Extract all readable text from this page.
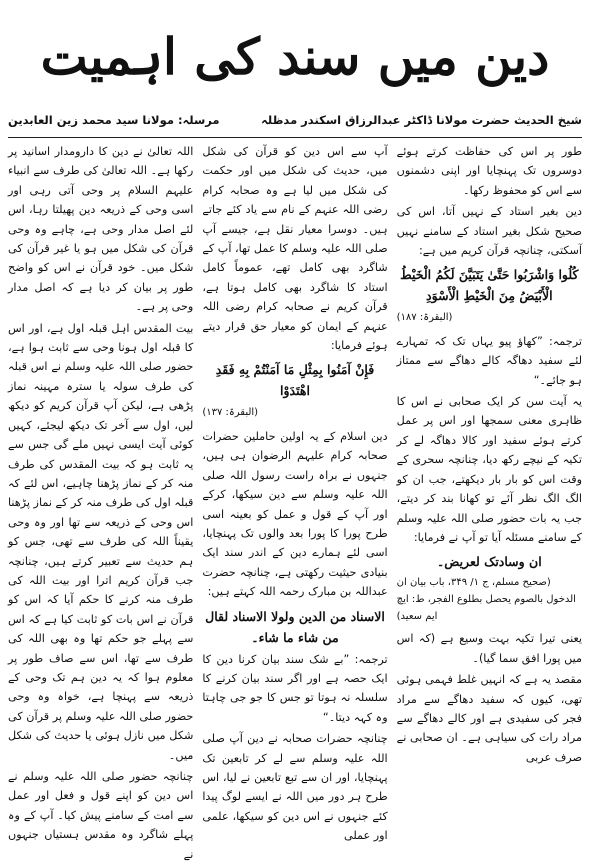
دین میں سند کی اہمیت
شیخ الحدیث حضرت مولانا ڈاکٹر عبدالرزاق اسکندر مدظلہ
مرسلہ: مولانا سید محمد زین العابدین

اللہ تعالیٰ نے دین کا دارومدار اسانید پر رکھا ہے۔ اللہ تعالیٰ کی طرف سے انبیاء علیہم السلام پر وحی آتی رہی اور اسی وحی کے ذریعہ دین پھیلتا رہا، اس لئے اصل مدار وحی ہے، چاہے وہ وحی قرآن کی شکل میں ہو یا غیر قرآن کی شکل میں۔ خود قرآن نے اس کو واضح طور پر بیان کر دیا ہے کہ اصل مدار وحی پر ہے۔

بیت المقدس اہل قبلہ اول ہے، اور اس کا قبلہ اول ہونا وحی سے ثابت ہوا ہے، حضور صلی اللہ علیہ وسلم نے اس قبلہ کی طرف سولہ یا سترہ مہینہ نماز پڑھی ہے، لیکن آپ قرآن کریم کو دیکھ لیں، اول سے آخر تک دیکھ لیجئے، کہیں کوئی آیت ایسی نہیں ملے گی جس سے یہ ثابت ہو کہ بیت المقدس کی طرف منہ کر کے نماز پڑھنا چاہیے، اس لئے کہ قبلہ اول کی طرف منہ کر کے نماز پڑھنا اس وحی کے ذریعہ سے تھا اور وہ وحی یقیناً اللہ کی طرف سے تھی، جس کو ہم حدیث سے تعبیر کرتے ہیں، چنانچہ جب قرآن کریم اترا اور بیت اللہ کی طرف منہ کرنے کا حکم آیا کہ اس کو قرآن نے اس بات کو ثابت کیا ہے کہ اس سے پہلے جو حکم تھا وہ بھی اللہ کی طرف سے تھا، اس سے صاف طور پر معلوم ہوا کہ یہ دین ہم تک وحی کے ذریعہ سے پہنچا ہے، خواہ وہ وحی حضور صلی اللہ علیہ وسلم پر قرآن کی شکل میں نازل ہوئی یا حدیث کی شکل میں۔

چنانچہ حضور صلی اللہ علیہ وسلم نے اس دین کو اپنے قول و فعل اور عمل سے امت کے سامنے پیش کیا۔ آپ کے وہ پہلے شاگرد وہ مقدس ہستیاں جنہوں نے

آپ سے اس دین کو قرآن کی شکل میں، حدیث کی شکل میں اور حکمت کی شکل میں لیا ہے وہ صحابہ کرام رضی اللہ عنہم کے نام سے یاد کئے جاتے ہیں۔ دوسرا معیار نقل ہے، جیسے آپ صلی اللہ علیہ وسلم کا عمل تھا، آپ کے شاگرد بھی کامل تھے، عموماً کامل استاد کا شاگرد بھی کامل ہوتا ہے، قرآن کریم نے صحابہ کرام رضی اللہ عنہم کے ایمان کو معیار حق قرار دیتے ہوئے فرمایا:

فَإِنْ آمَنُوا بِمِثْلِ مَا آمَنْتُمْ بِهِ فَقَدِ اهْتَدَوْا

(البقرۃ: ۱۳۷)

دین اسلام کے یہ اولین حاملین حضرات صحابہ کرام علیہم الرضوان ہی ہیں، جنہوں نے براہ راست رسول اللہ صلی اللہ علیہ وسلم سے دین سیکھا، کرکے اور آپ کے قول و عمل کو بعینہ اسی طرح پورا کا پورا بعد والوں تک پہنچایا، اسی لئے ہمارے دین کے اندر سند ایک بنیادی حیثیت رکھتی ہے، چنانچہ حضرت عبداللہ بن مبارک رحمہ اللہ کہتے ہیں:

الاسناد من الدین ولولا الاسناد لقال من شاء ما شاء۔

ترجمہ: ”بے شک سند بیان کرنا دین کا ایک حصہ ہے اور اگر سند بیان کرنے کا سلسلہ نہ ہوتا تو جس کا جو جی چاہتا وہ کہہ دیتا۔“

چنانچہ حضرات صحابہ نے دین آپ صلی اللہ علیہ وسلم سے لے کر تابعین تک پہنچایا، اور ان سے تبع تابعین نے لیا، اس طرح ہر دور میں اللہ نے ایسے لوگ پیدا کئے جنہوں نے اس دین کو سیکھا، علمی اور عملی

طور پر اس کی حفاظت کرتے ہوئے دوسروں تک پہنچایا اور اپنی دشمنوں سے اس کو محفوظ رکھا۔

دین بغیر استاد کے نہیں آتا، اس کی صحیح شکل بغیر استاد کے سامنے نہیں آسکتی، چنانچہ قرآن کریم میں ہے:

كُلُوا وَاشْرَبُوا حَتَّىٰ يَتَبَيَّنَ لَكُمُ الْخَيْطُ الْأَبْيَضُ مِنَ الْخَيْطِ الْأَسْوَدِ

(البقرۃ: ۱۸۷)

ترجمہ: ”کھاؤ پیو یہاں تک کہ تمہارے لئے سفید دھاگہ کالے دھاگے سے ممتاز ہو جائے۔“

یہ آیت سن کر ایک صحابی نے اس کا ظاہری معنی سمجھا اور اس پر عمل کرتے ہوئے سفید اور کالا دھاگہ لے کر تکیہ کے نیچے رکھ دیا، چنانچہ سحری کے وقت اس کو بار بار دیکھتے، جب ان کو الگ الگ نظر آئے تو کھانا بند کر دیتے، جب یہ بات حضور صلی اللہ علیہ وسلم کے سامنے مسئلہ آیا تو آپ نے فرمایا:

ان وسادتک لعریض۔

(صحیح مسلم، ج ۱/ ۳۴۹، باب بیان ان الدخول بالصوم یحصل بطلوع الفجر، ط: ایچ ایم سعید)

یعنی تیرا تکیہ بہت وسیع ہے (کہ اس میں پورا افق سما گیا)۔

مقصد یہ ہے کہ انہیں غلط فہمی ہوئی تھی، کیوں کہ سفید دھاگے سے مراد فجر کی سفیدی ہے اور کالے دھاگے سے مراد رات کی سیاہی ہے۔ ان صحابی نے صرف عربی
